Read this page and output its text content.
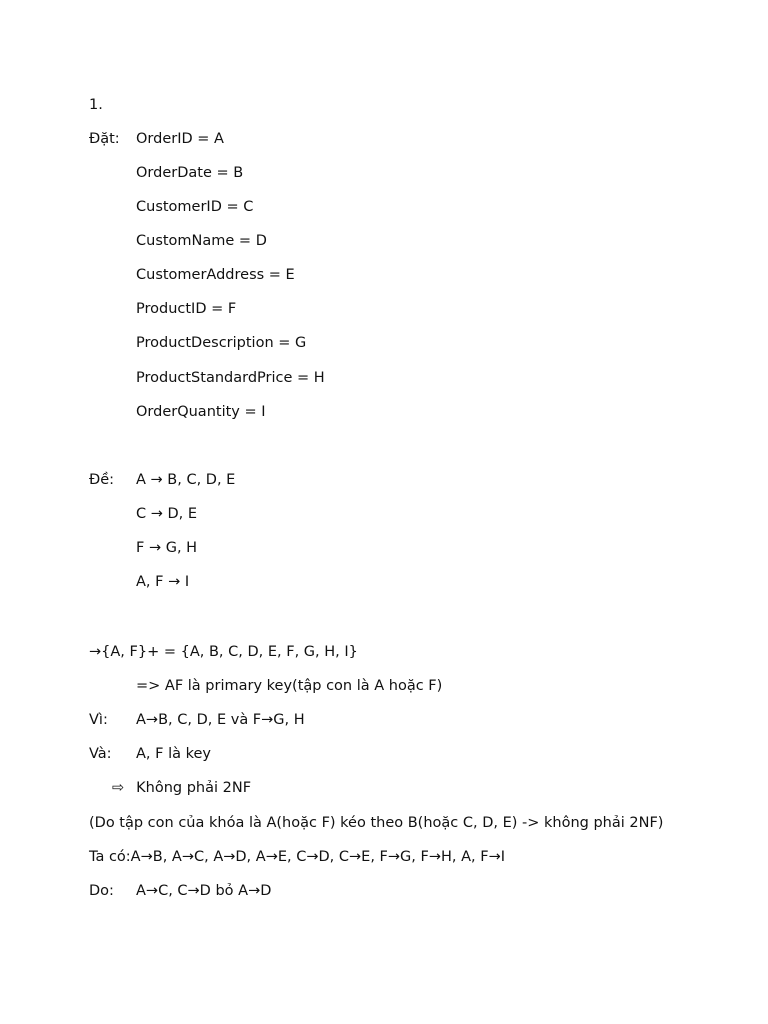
1.
Đặt: OrderID = A
OrderDate = B
CustomerID = C
CustomName = D
CustomerAddress = E
ProductID = F
ProductDescription = G
ProductStandardPrice = H
OrderQuantity = I
Đề: A → B, C, D, E
C → D, E
F → G, H
A, F → I
→{A, F}+ = {A, B, C, D, E, F, G, H, I}
=> AF là primary key(tập con là A hoặc F)
Vì: A→B, C, D, E và F→G, H
Và: A, F là key
⇨ Không phải 2NF
(Do tập con của khóa là A(hoặc F) kéo theo B(hoặc C, D, E) -> không phải 2NF)
Ta có:A→B, A→C, A→D, A→E, C→D, C→E, F→G, F→H, A, F→I
Do: A→C, C→D bỏ A→D
